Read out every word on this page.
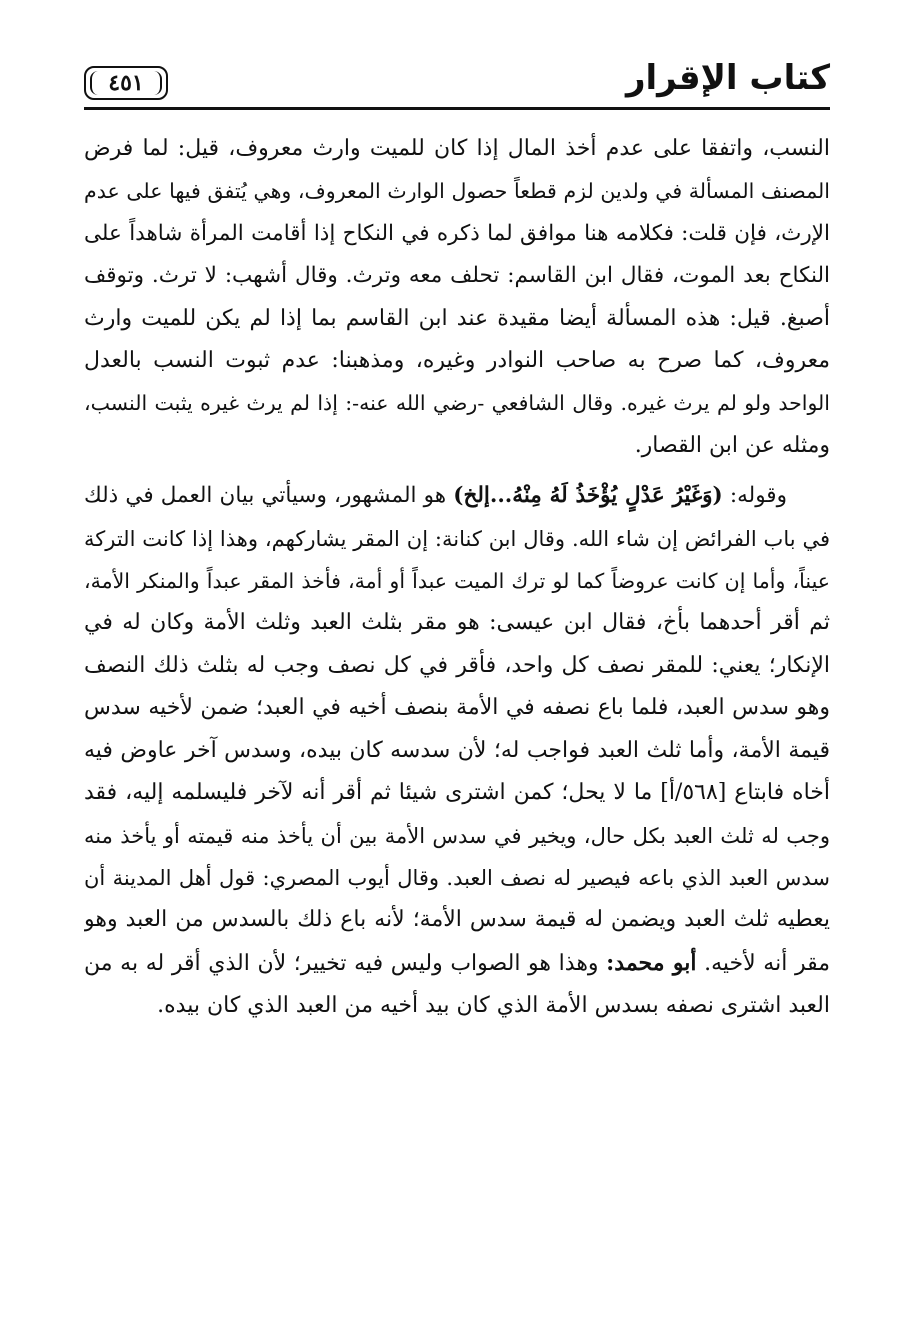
٤٥١	كتاب الإقرار

النسب، واتفقا على عدم أخذ المال إذا كان للميت وارث معروف، قيل: لما فرض
المصنف المسألة في ولدين لزم قطعاً حصول الوارث المعروف، وهي يُتفق فيها على عدم
الإرث، فإن قلت: فكلامه هنا موافق لما ذكره في النكاح إذا أقامت المرأة شاهداً على
النكاح بعد الموت، فقال ابن القاسم: تحلف معه وترث. وقال أشهب: لا ترث. وتوقف
أصبغ. قيل: هذه المسألة أيضا مقيدة عند ابن القاسم بما إذا لم يكن للميت وارث
معروف، كما صرح به صاحب النوادر وغيره، ومذهبنا: عدم ثبوت النسب بالعدل
الواحد ولو لم يرث غيره. وقال الشافعي -رضي الله عنه-: إذا لم يرث غيره يثبت النسب،
ومثله عن ابن القصار.

  وقوله: (وَغَيْرُ عَدْلٍ يُؤْخَذُ لَهُ مِنْهُ...إلخ) هو المشهور، وسيأتي بيان العمل في ذلك
في باب الفرائض إن شاء الله. وقال ابن كنانة: إن المقر يشاركهم، وهذا إذا كانت التركة
عيناً، وأما إن كانت عروضاً كما لو ترك الميت عبداً أو أمة، فأخذ المقر عبداً والمنكر الأمة،
ثم أقر أحدهما بأخ، فقال ابن عيسى: هو مقر بثلث العبد وثلث الأمة وكان له في
الإنكار؛ يعني: للمقر نصف كل واحد، فأقر في كل نصف وجب له بثلث ذلك النصف
وهو سدس العبد، فلما باع نصفه في الأمة بنصف أخيه في العبد؛ ضمن لأخيه سدس
قيمة الأمة، وأما ثلث العبد فواجب له؛ لأن سدسه كان بيده، وسدس آخر عاوض فيه
أخاه فابتاع [٥٦٨/أ] ما لا يحل؛ كمن اشترى شيئا ثم أقر أنه لآخر فليسلمه إليه، فقد
وجب له ثلث العبد بكل حال، ويخير في سدس الأمة بين أن يأخذ منه قيمته أو يأخذ منه
سدس العبد الذي باعه فيصير له نصف العبد. وقال أيوب المصري: قول أهل المدينة أن
يعطيه ثلث العبد ويضمن له قيمة سدس الأمة؛ لأنه باع ذلك بالسدس من العبد وهو
مقر أنه لأخيه. أبو محمد: وهذا هو الصواب وليس فيه تخيير؛ لأن الذي أقر له به من
العبد اشترى نصفه بسدس الأمة الذي كان بيد أخيه من العبد الذي كان بيده.
